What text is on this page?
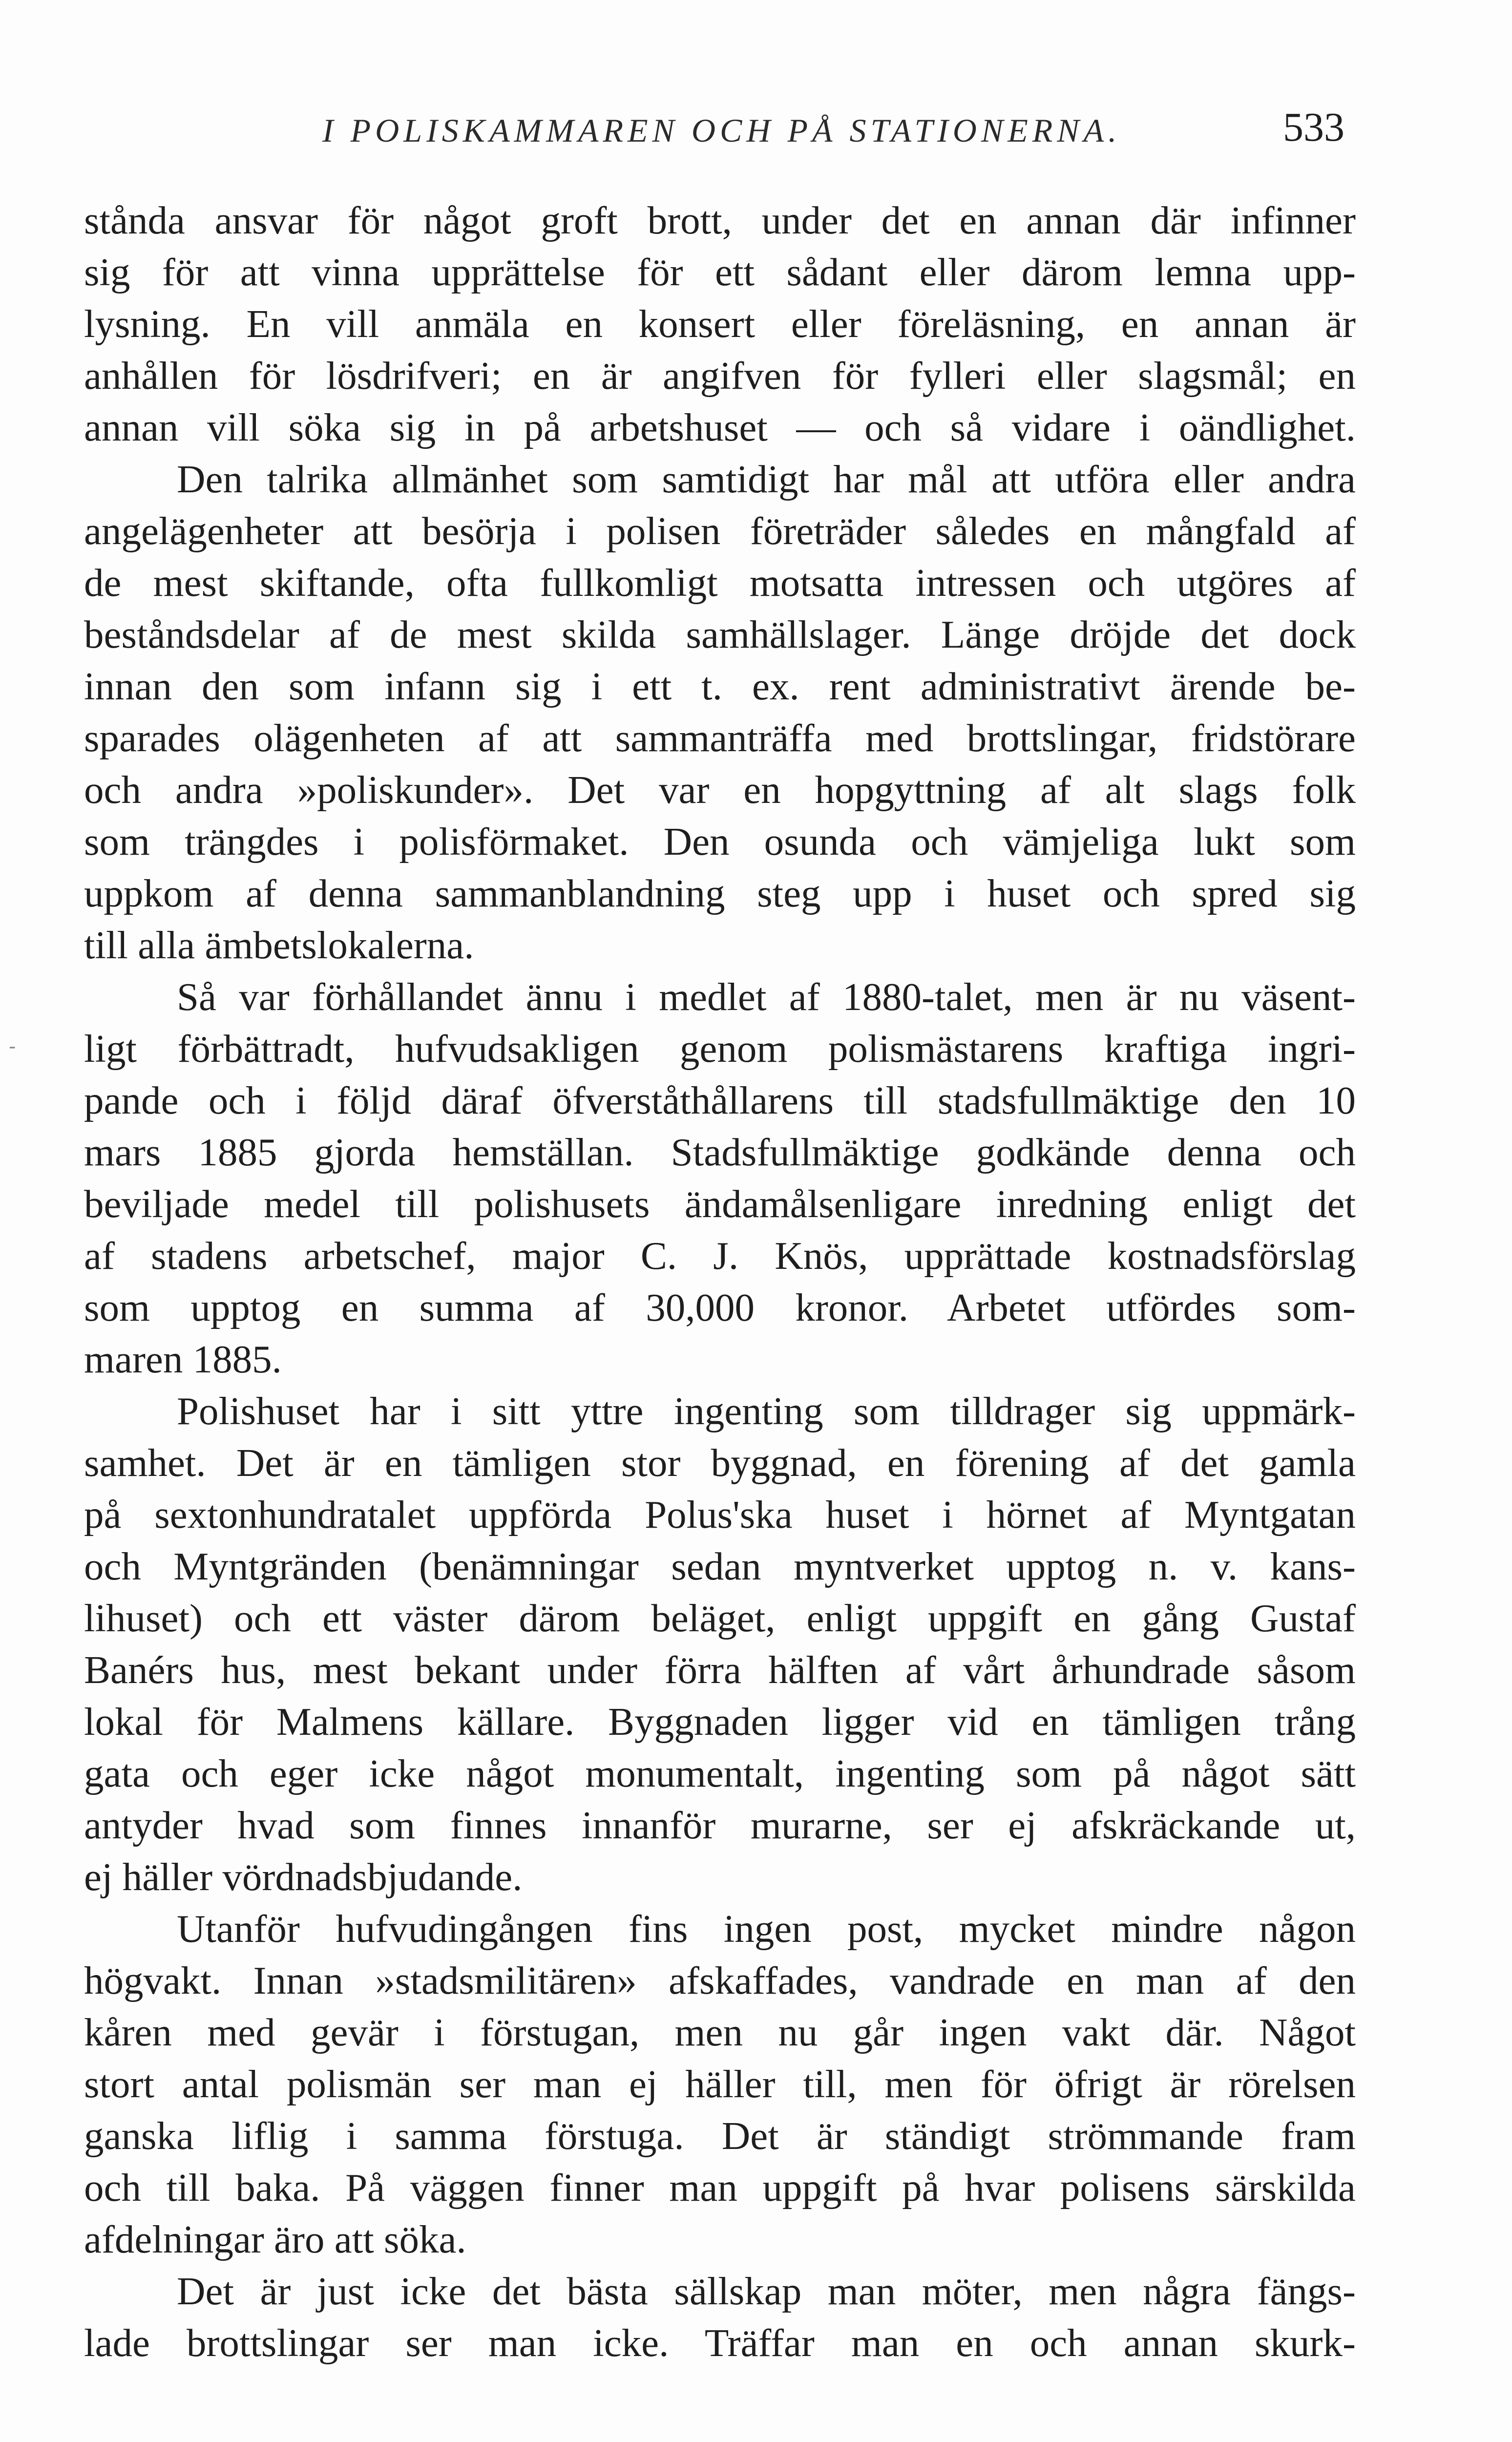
I POLISKAMMAREN OCH PÅ STATIONERNA.	533
-
stånda ansvar för något groft brott, under det en annan där infinner
sig för att vinna upprättelse för ett sådant eller därom lemna upp-
lysning. En vill anmäla en konsert eller föreläsning, en annan är
anhållen för lösdrifveri; en är angifven för fylleri eller slagsmål; en
annan vill söka sig in på arbetshuset — och så vidare i oändlighet.
Den talrika allmänhet som samtidigt har mål att utföra eller andra
angelägenheter att besörja i polisen företräder således en mångfald af
de mest skiftande, ofta fullkomligt motsatta intressen och utgöres af
beståndsdelar af de mest skilda samhällslager. Länge dröjde det dock
innan den som infann sig i ett t. ex. rent administrativt ärende be-
sparades olägenheten af att sammanträffa med brottslingar, fridstörare
och andra »poliskunder». Det var en hopgyttning af alt slags folk
som trängdes i polisförmaket. Den osunda och vämjeliga lukt som
uppkom af denna sammanblandning steg upp i huset och spred sig
till alla ämbetslokalerna.
Så var förhållandet ännu i medlet af 1880-talet, men är nu väsent-
ligt förbättradt, hufvudsakligen genom polismästarens kraftiga ingri-
pande och i följd däraf öfverståthållarens till stadsfullmäktige den 10
mars 1885 gjorda hemställan. Stadsfullmäktige godkände denna och
beviljade medel till polishusets ändamålsenligare inredning enligt det
af stadens arbetschef, major C. J. Knös, upprättade kostnadsförslag
som upptog en summa af 30,000 kronor. Arbetet utfördes som-
maren 1885.
Polishuset har i sitt yttre ingenting som tilldrager sig uppmärk-
samhet. Det är en tämligen stor byggnad, en förening af det gamla
på sextonhundratalet uppförda Polus'ska huset i hörnet af Myntgatan
och Myntgränden (benämningar sedan myntverket upptog n. v. kans-
lihuset) och ett väster därom beläget, enligt uppgift en gång Gustaf
Banérs hus, mest bekant under förra hälften af vårt århundrade såsom
lokal för Malmens källare. Byggnaden ligger vid en tämligen trång
gata och eger icke något monumentalt, ingenting som på något sätt
antyder hvad som finnes innanför murarne, ser ej afskräckande ut,
ej häller vördnadsbjudande.
Utanför hufvudingången fins ingen post, mycket mindre någon
högvakt. Innan »stadsmilitären» afskaffades, vandrade en man af den
kåren med gevär i förstugan, men nu går ingen vakt där. Något
stort antal polismän ser man ej häller till, men för öfrigt är rörelsen
ganska liflig i samma förstuga. Det är ständigt strömmande fram
och till baka. På väggen finner man uppgift på hvar polisens särskilda
afdelningar äro att söka.
Det är just icke det bästa sällskap man möter, men några fängs-
lade brottslingar ser man icke. Träffar man en och annan skurk-
